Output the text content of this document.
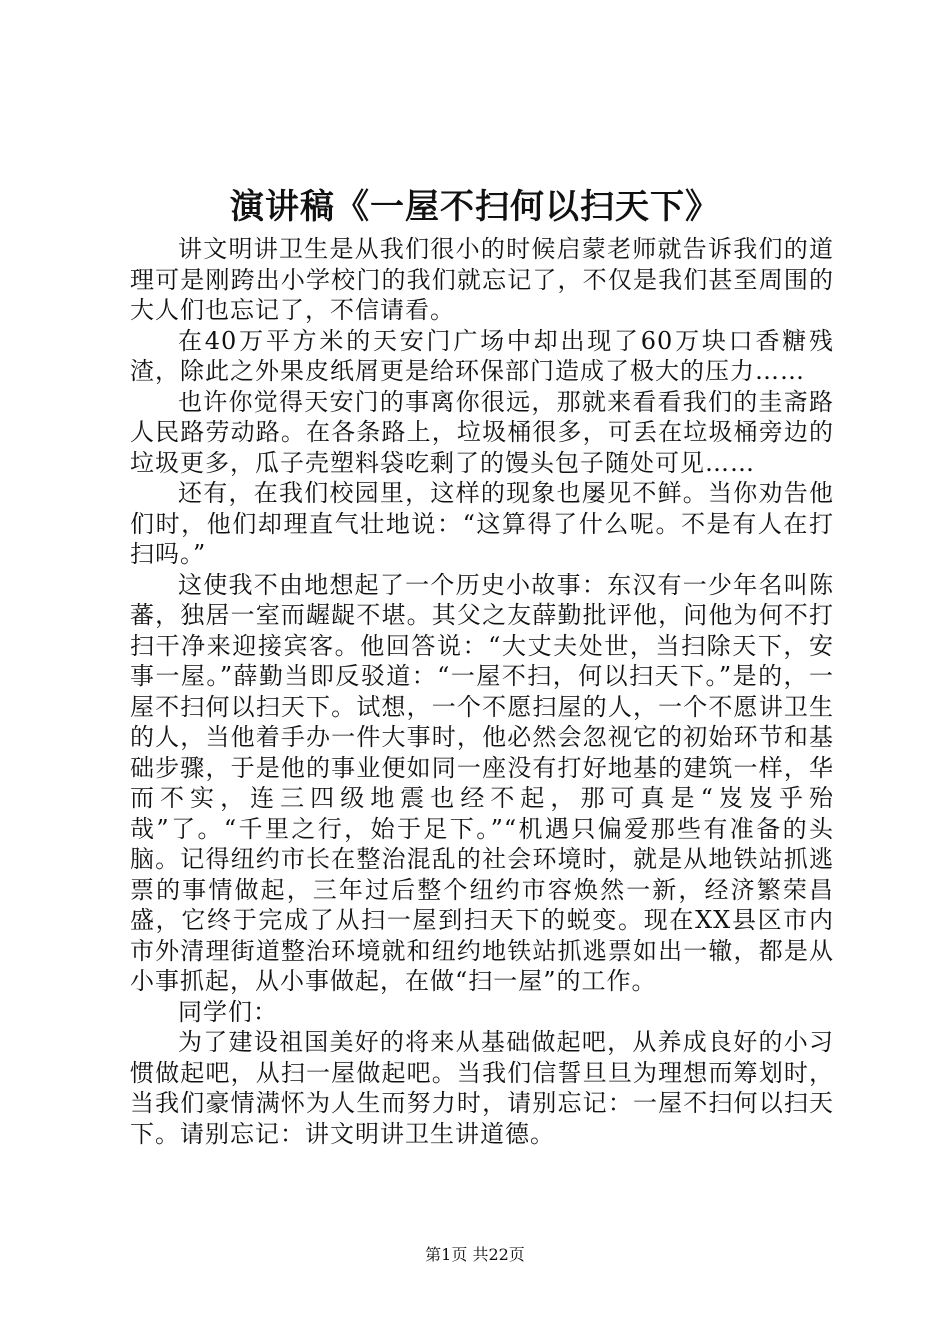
演讲稿《一屋不扫何以扫天下》

讲文明讲卫生是从我们很小的时候启蒙老师就告诉我们的道理可是刚跨出小学校门的我们就忘记了，不仅是我们甚至周围的大人们也忘记了，不信请看。

在40万平方米的天安门广场中却出现了60万块口香糖残渣，除此之外果皮纸屑更是给环保部门造成了极大的压力……

也许你觉得天安门的事离你很远，那就来看看我们的圭斋路人民路劳动路。在各条路上，垃圾桶很多，可丢在垃圾桶旁边的垃圾更多，瓜子壳塑料袋吃剩了的馒头包子随处可见……

还有，在我们校园里，这样的现象也屡见不鲜。当你劝告他们时，他们却理直气壮地说：“这算得了什么呢。不是有人在打扫吗。”

这使我不由地想起了一个历史小故事：东汉有一少年名叫陈蕃，独居一室而龌龊不堪。其父之友薛勤批评他，问他为何不打扫干净来迎接宾客。他回答说：“大丈夫处世，当扫除天下，安事一屋。”薛勤当即反驳道：“一屋不扫，何以扫天下。”是的，一屋不扫何以扫天下。试想，一个不愿扫屋的人，一个不愿讲卫生的人，当他着手办一件大事时，他必然会忽视它的初始环节和基础步骤，于是他的事业便如同一座没有打好地基的建筑一样，华而不实，连三四级地震也经不起，那可真是“岌岌乎殆哉”了。“千里之行，始于足下。”“机遇只偏爱那些有准备的头脑。记得纽约市长在整治混乱的社会环境时，就是从地铁站抓逃票的事情做起，三年过后整个纽约市容焕然一新，经济繁荣昌盛，它终于完成了从扫一屋到扫天下的蜕变。现在XX县区市内市外清理街道整治环境就和纽约地铁站抓逃票如出一辙，都是从小事抓起，从小事做起，在做“扫一屋”的工作。

同学们：

为了建设祖国美好的将来从基础做起吧，从养成良好的小习惯做起吧，从扫一屋做起吧。当我们信誓旦旦为理想而筹划时，当我们豪情满怀为人生而努力时，请别忘记：一屋不扫何以扫天下。请别忘记：讲文明讲卫生讲道德。

第1页 共22页
